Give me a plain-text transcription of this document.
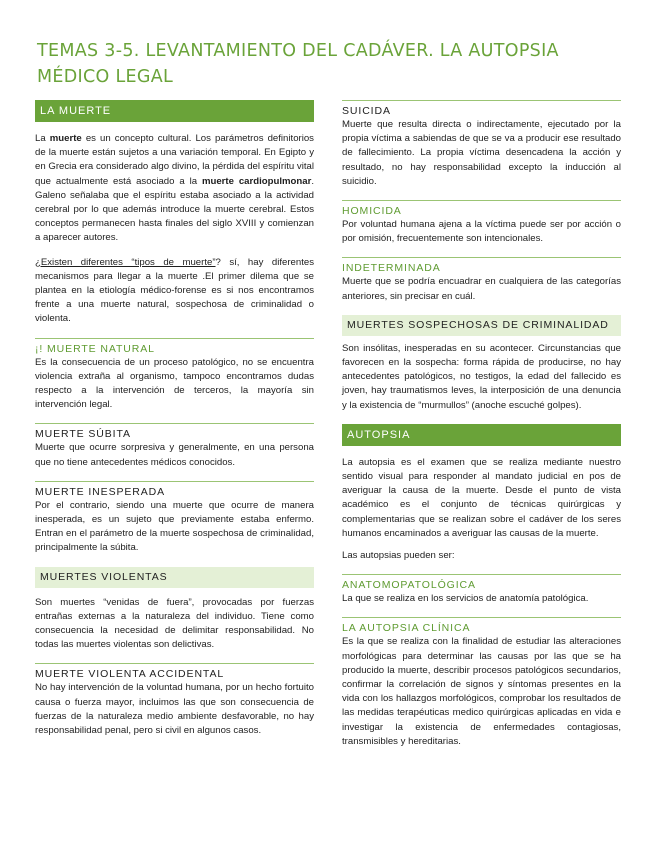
TEMAS 3-5. LEVANTAMIENTO DEL CADÁVER. LA AUTOPSIA MÉDICO LEGAL
LA MUERTE

La muerte es un concepto cultural. Los parámetros definitorios de la muerte están sujetos a una variación temporal. En Egipto y en Grecia era considerado algo divino, la pérdida del espíritu vital que actualmente está asociado a la muerte cardiopulmonar. Galeno señalaba que el espíritu estaba asociado a la actividad cerebral por lo que además introduce la muerte cerebral. Estos conceptos permanecen hasta finales del siglo XVIII y comienzan a aparecer autores.

¿Existen diferentes “tipos de muerte”? sí, hay diferentes mecanismos para llegar a la muerte .El primer dilema que se plantea en la etiología médico-forense es si nos encontramos frente a una muerte natural, sospechosa de criminalidad o violenta.

¡! MUERTE NATURAL

Es la consecuencia de un proceso patológico, no se encuentra violencia extraña al organismo, tampoco encontramos dudas respecto a la intervención de terceros, la mayoría sin intervención legal.

MUERTE SÚBITA

Muerte que ocurre sorpresiva y generalmente, en una persona que no tiene antecedentes médicos conocidos.

MUERTE INESPERADA

Por el contrario, siendo una muerte que ocurre de manera inesperada, es un sujeto que previamente estaba enfermo. Entran en el parámetro de la muerte sospechosa de criminalidad, principalmente la súbita.

MUERTES VIOLENTAS

Son muertes “venidas de fuera”, provocadas por fuerzas entrañas externas a la naturaleza del individuo. Tiene como consecuencia la necesidad de delimitar responsabilidad. No todas las muertes violentas son delictivas.

MUERTE VIOLENTA ACCIDENTAL

No hay intervención de la voluntad humana, por un hecho fortuito causa o fuerza mayor, incluimos las que son consecuencia de fuerzas de la naturaleza medio ambiente desfavorable, no hay responsabilidad penal, pero si civil en algunos casos.

SUICIDA

Muerte que resulta directa o indirectamente, ejecutado por la propia víctima a sabiendas de que se va a producir ese resultado de fallecimiento. La propia víctima desencadena la acción y resultado, no hay responsabilidad excepto la inducción al suicidio.

HOMICIDA

Por voluntad humana ajena a la víctima puede ser por acción o por omisión, frecuentemente son intencionales.

INDETERMINADA

Muerte que se podría encuadrar en cualquiera de las categorías anteriores, sin precisar en cuál.

MUERTES SOSPECHOSAS DE CRIMINALIDAD

Son insólitas, inesperadas en su acontecer. Circunstancias que favorecen en la sospecha: forma rápida de producirse, no hay antecedentes patológicos, no testigos, la edad del fallecido es joven, hay traumatismos leves, la interposición de una denuncia y la existencia de “murmullos” (anoche escuché golpes).

AUTOPSIA

La autopsia es el examen que se realiza mediante nuestro sentido visual para responder al mandato judicial en pos de averiguar la causa de la muerte. Desde el punto de vista académico es el conjunto de técnicas quirúrgicas y complementarias que se realizan sobre el cadáver de los seres humanos encaminados a averiguar las causas de la muerte.

Las autopsias pueden ser:

ANATOMOPATOLÓGICA

La que se realiza en los servicios de anatomía patológica.

LA AUTOPSIA CLÍNICA

Es la que se realiza con la finalidad de estudiar las alteraciones morfológicas para determinar las causas por las que se ha producido la muerte, describir procesos patológicos secundarios, confirmar la correlación de signos y síntomas presentes en la vida con los hallazgos morfológicos, comprobar los resultados de las medidas terapéuticas medico quirúrgicas aplicadas en vida e investigar la existencia de enfermedades contagiosas, transmisibles y hereditarias.
